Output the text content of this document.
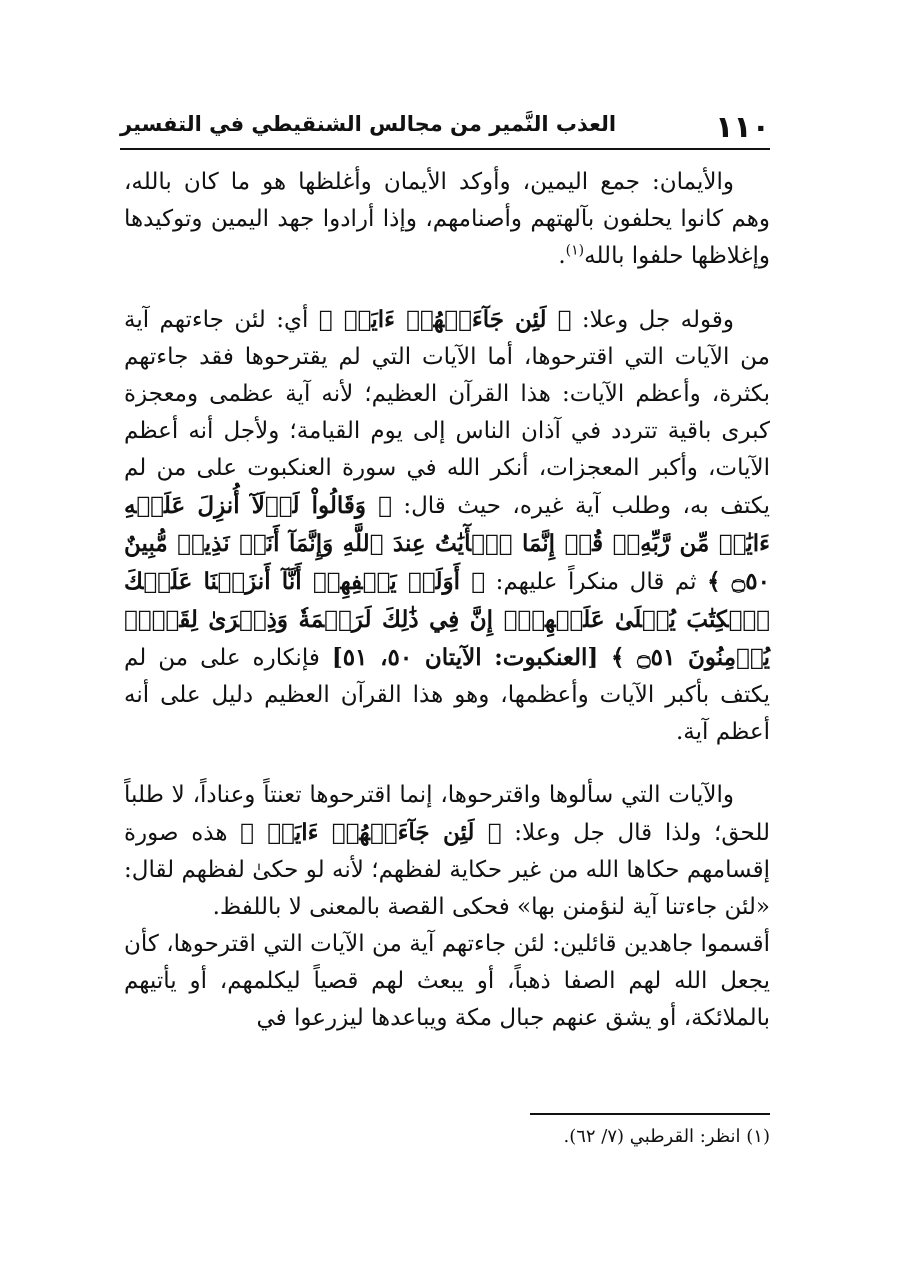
١١٠
العذب النَّمير من مجالس الشنقيطي في التفسير

والأيمان: جمع اليمين، وأوكد الأيمان وأغلظها هو ما كان بالله، وهم كانوا يحلفون بآلهتهم وأصنامهم، وإذا أرادوا جهد اليمين وتوكيدها وإغلاظها حلفوا بالله$^{(١)}$.

وقوله جل وعلا: ﴿ لَئِن جَآءَتۡهُمۡ ءَايَةٞ ﴾ أي: لئن جاءتهم آية من الآيات التي اقترحوها، أما الآيات التي لم يقترحوها فقد جاءتهم بكثرة، وأعظم الآيات: هذا القرآن العظيم؛ لأنه آية عظمى ومعجزة كبرى باقية تتردد في آذان الناس إلى يوم القيامة؛ ولأجل أنه أعظم الآيات، وأكبر المعجزات، أنكر الله في سورة العنكبوت على من لم يكتف به، وطلب آية غيره، حيث قال: ﴿ وَقَالُواْ لَوۡلَآ أُنزِلَ عَلَيۡهِ ءَايَٰتٞ مِّن رَّبِّهِۦۖ قُلۡ إِنَّمَا ٱلۡأٓيَٰتُ عِندَ ٱللَّهِ وَإِنَّمَآ أَنَا۠ نَذِيرٞ مُّبِينٌ ۝٥٠ ﴾ ثم قال منكراً عليهم: ﴿ أَوَلَمۡ يَكۡفِهِمۡ أَنَّآ أَنزَلۡنَا عَلَيۡكَ ٱلۡكِتَٰبَ يُتۡلَىٰ عَلَيۡهِمۡۚ إِنَّ فِي ذَٰلِكَ لَرَحۡمَةٗ وَذِكۡرَىٰ لِقَوۡمٖ يُؤۡمِنُونَ ۝٥١ ﴾ [العنكبوت: الآيتان ٥٠، ٥١] فإنكاره على من لم يكتف بأكبر الآيات وأعظمها، وهو هذا القرآن العظيم دليل على أنه أعظم آية.

والآيات التي سألوها واقترحوها، إنما اقترحوها تعنتاً وعناداً، لا طلباً للحق؛ ولذا قال جل وعلا: ﴿ لَئِن جَآءَتۡهُمۡ ءَايَةٞ ﴾ هذه صورة إقسامهم حكاها الله من غير حكاية لفظهم؛ لأنه لو حكىٰ لفظهم لقال: «لئن جاءتنا آية لنؤمنن بها» فحكى القصة بالمعنى لا باللفظ.

أقسموا جاهدين قائلين: لئن جاءتهم آية من الآيات التي اقترحوها، كأن يجعل الله لهم الصفا ذهباً، أو يبعث لهم قصياً ليكلمهم، أو يأتيهم بالملائكة، أو يشق عنهم جبال مكة ويباعدها ليزرعوا في

(١) انظر: القرطبي (٧/ ٦٢).
